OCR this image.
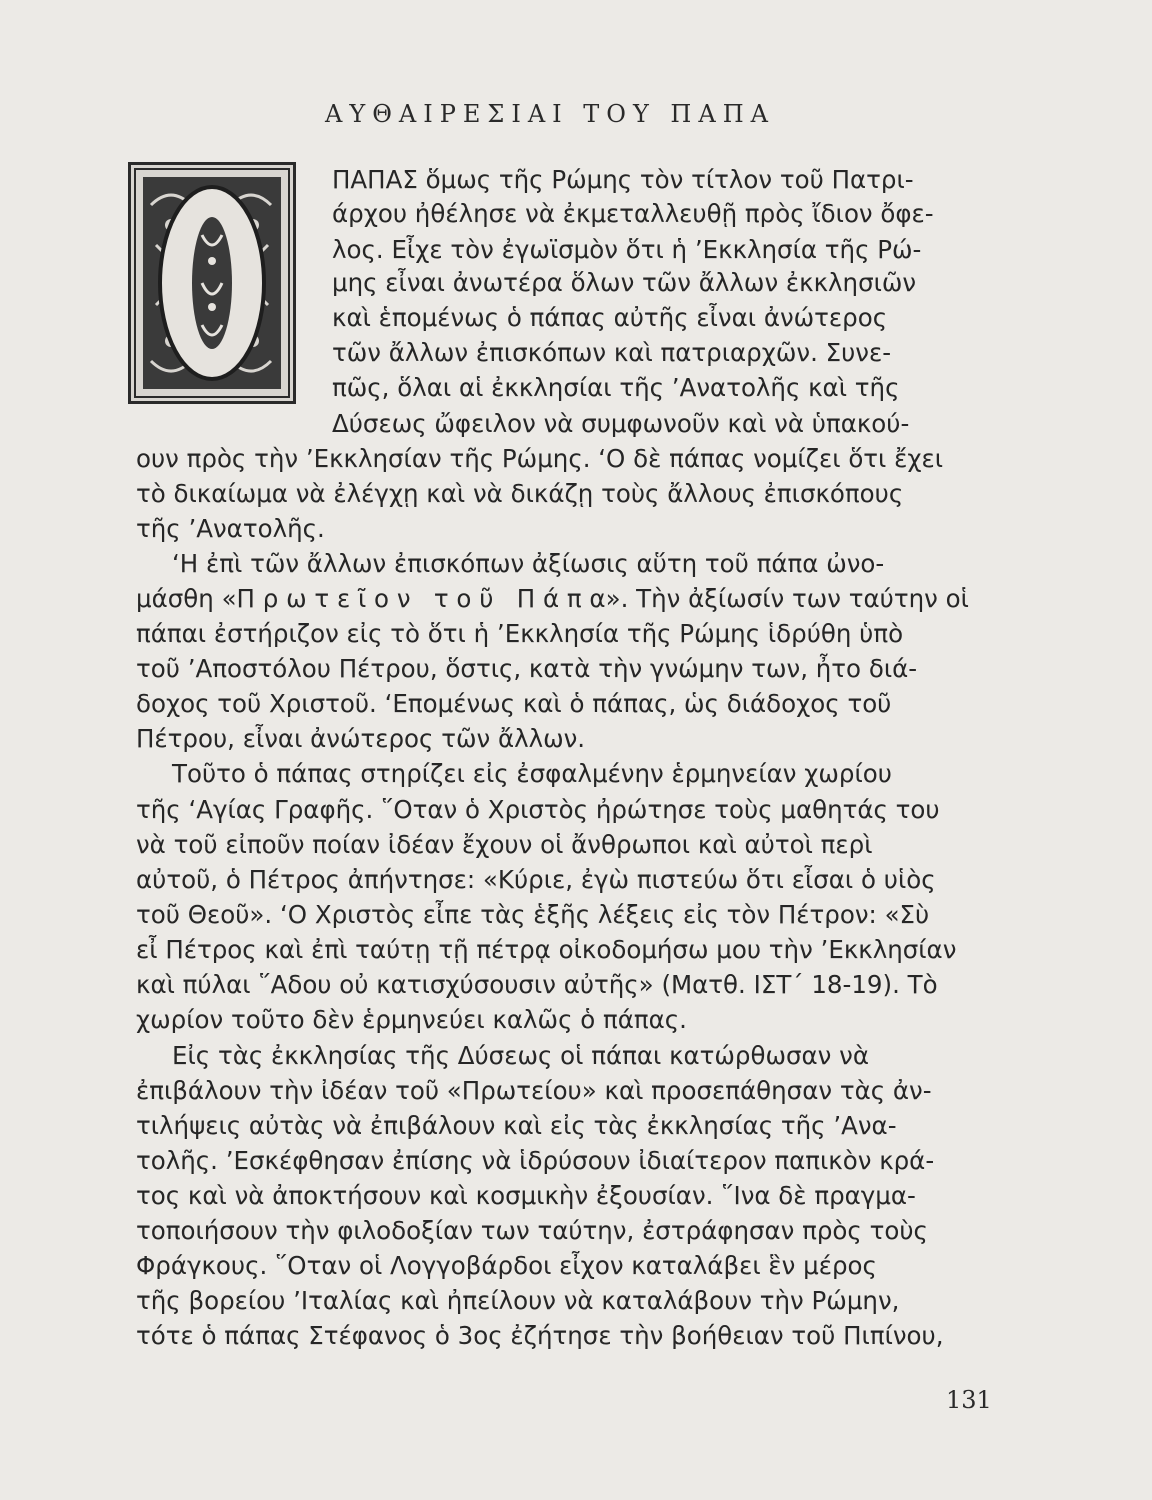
ΑΥΘΑΙΡΕΣΙΑΙ ΤΟΥ ΠΑΠΑ
ΠΑΠΑΣ ὅμως τῆς Ρώμης τὸν τίτλον τοῦ Πατρι-
άρχου ἠθέλησε νὰ ἐκμεταλλευθῇ πρὸς ἴδιον ὄφε-
λος. Εἶχε τὸν ἐγωϊσμὸν ὅτι ἡ ’Εκκλησία τῆς Ρώ-
μης εἶναι ἀνωτέρα ὅλων τῶν ἄλλων ἐκκλησιῶν
καὶ ἑπομένως ὁ πάπας αὐτῆς εἶναι ἀνώτερος
τῶν ἄλλων ἐπισκόπων καὶ πατριαρχῶν. Συνε-
πῶς, ὅλαι αἱ ἐκκλησίαι τῆς ’Ανατολῆς καὶ τῆς
Δύσεως ὤφειλον νὰ συμφωνοῦν καὶ νὰ ὑπακού-
ουν πρὸς τὴν ’Εκκλησίαν τῆς Ρώμης. ‘Ο δὲ πάπας νομίζει ὅτι ἔχει
τὸ δικαίωμα νὰ ἐλέγχῃ καὶ νὰ δικάζῃ τοὺς ἄλλους ἐπισκόπους
τῆς ’Ανατολῆς.
‘Η ἐπὶ τῶν ἄλλων ἐπισκόπων ἀξίωσις αὕτη τοῦ πάπα ὠνο-
μάσθη «Π ρ ω τ ε ῖ ο ν   τ ο ῦ   Π ά π α». Τὴν ἀξίωσίν των ταύτην οἱ
πάπαι ἐστήριζον εἰς τὸ ὅτι ἡ ’Εκκλησία τῆς Ρώμης ἱδρύθη ὑπὸ
τοῦ ’Αποστόλου Πέτρου, ὅστις, κατὰ τὴν γνώμην των, ἦτο διά-
δοχος τοῦ Χριστοῦ. ‘Επομένως καὶ ὁ πάπας, ὡς διάδοχος τοῦ
Πέτρου, εἶναι ἀνώτερος τῶν ἄλλων.
Τοῦτο ὁ πάπας στηρίζει εἰς ἐσφαλμένην ἑρμηνείαν χωρίου
τῆς ‘Αγίας Γραφῆς. ῞Οταν ὁ Χριστὸς ἠρώτησε τοὺς μαθητάς του
νὰ τοῦ εἰποῦν ποίαν ἰδέαν ἔχουν οἱ ἄνθρωποι καὶ αὐτοὶ περὶ
αὐτοῦ, ὁ Πέτρος ἀπήντησε: «Κύριε, ἐγὼ πιστεύω ὅτι εἶσαι ὁ υἱὸς
τοῦ Θεοῦ». ‘Ο Χριστὸς εἶπε τὰς ἑξῆς λέξεις εἰς τὸν Πέτρον: «Σὺ
εἶ Πέτρος καὶ ἐπὶ ταύτῃ τῇ πέτρᾳ οἰκοδομήσω μου τὴν ’Εκκλησίαν
καὶ πύλαι ῞Αδου οὐ κατισχύσουσιν αὐτῆς» (Ματθ. ΙΣΤ΄ 18-19). Τὸ
χωρίον τοῦτο δὲν ἑρμηνεύει καλῶς ὁ πάπας.
Εἰς τὰς ἐκκλησίας τῆς Δύσεως οἱ πάπαι κατώρθωσαν νὰ
ἐπιβάλουν τὴν ἰδέαν τοῦ «Πρωτείου» καὶ προσεπάθησαν τὰς ἀν-
τιλήψεις αὐτὰς νὰ ἐπιβάλουν καὶ εἰς τὰς ἐκκλησίας τῆς ’Ανα-
τολῆς. ’Εσκέφθησαν ἐπίσης νὰ ἱδρύσουν ἰδιαίτερον παπικὸν κρά-
τος καὶ νὰ ἀποκτήσουν καὶ κοσμικὴν ἐξουσίαν. ῞Ινα δὲ πραγμα-
τοποιήσουν τὴν φιλοδοξίαν των ταύτην, ἐστράφησαν πρὸς τοὺς
Φράγκους. ῞Οταν οἱ Λογγοβάρδοι εἶχον καταλάβει ἓν μέρος
τῆς βορείου ’Ιταλίας καὶ ἠπείλουν νὰ καταλάβουν τὴν Ρώμην,
τότε ὁ πάπας Στέφανος ὁ 3ος ἐζήτησε τὴν βοήθειαν τοῦ Πιπίνου,
131
